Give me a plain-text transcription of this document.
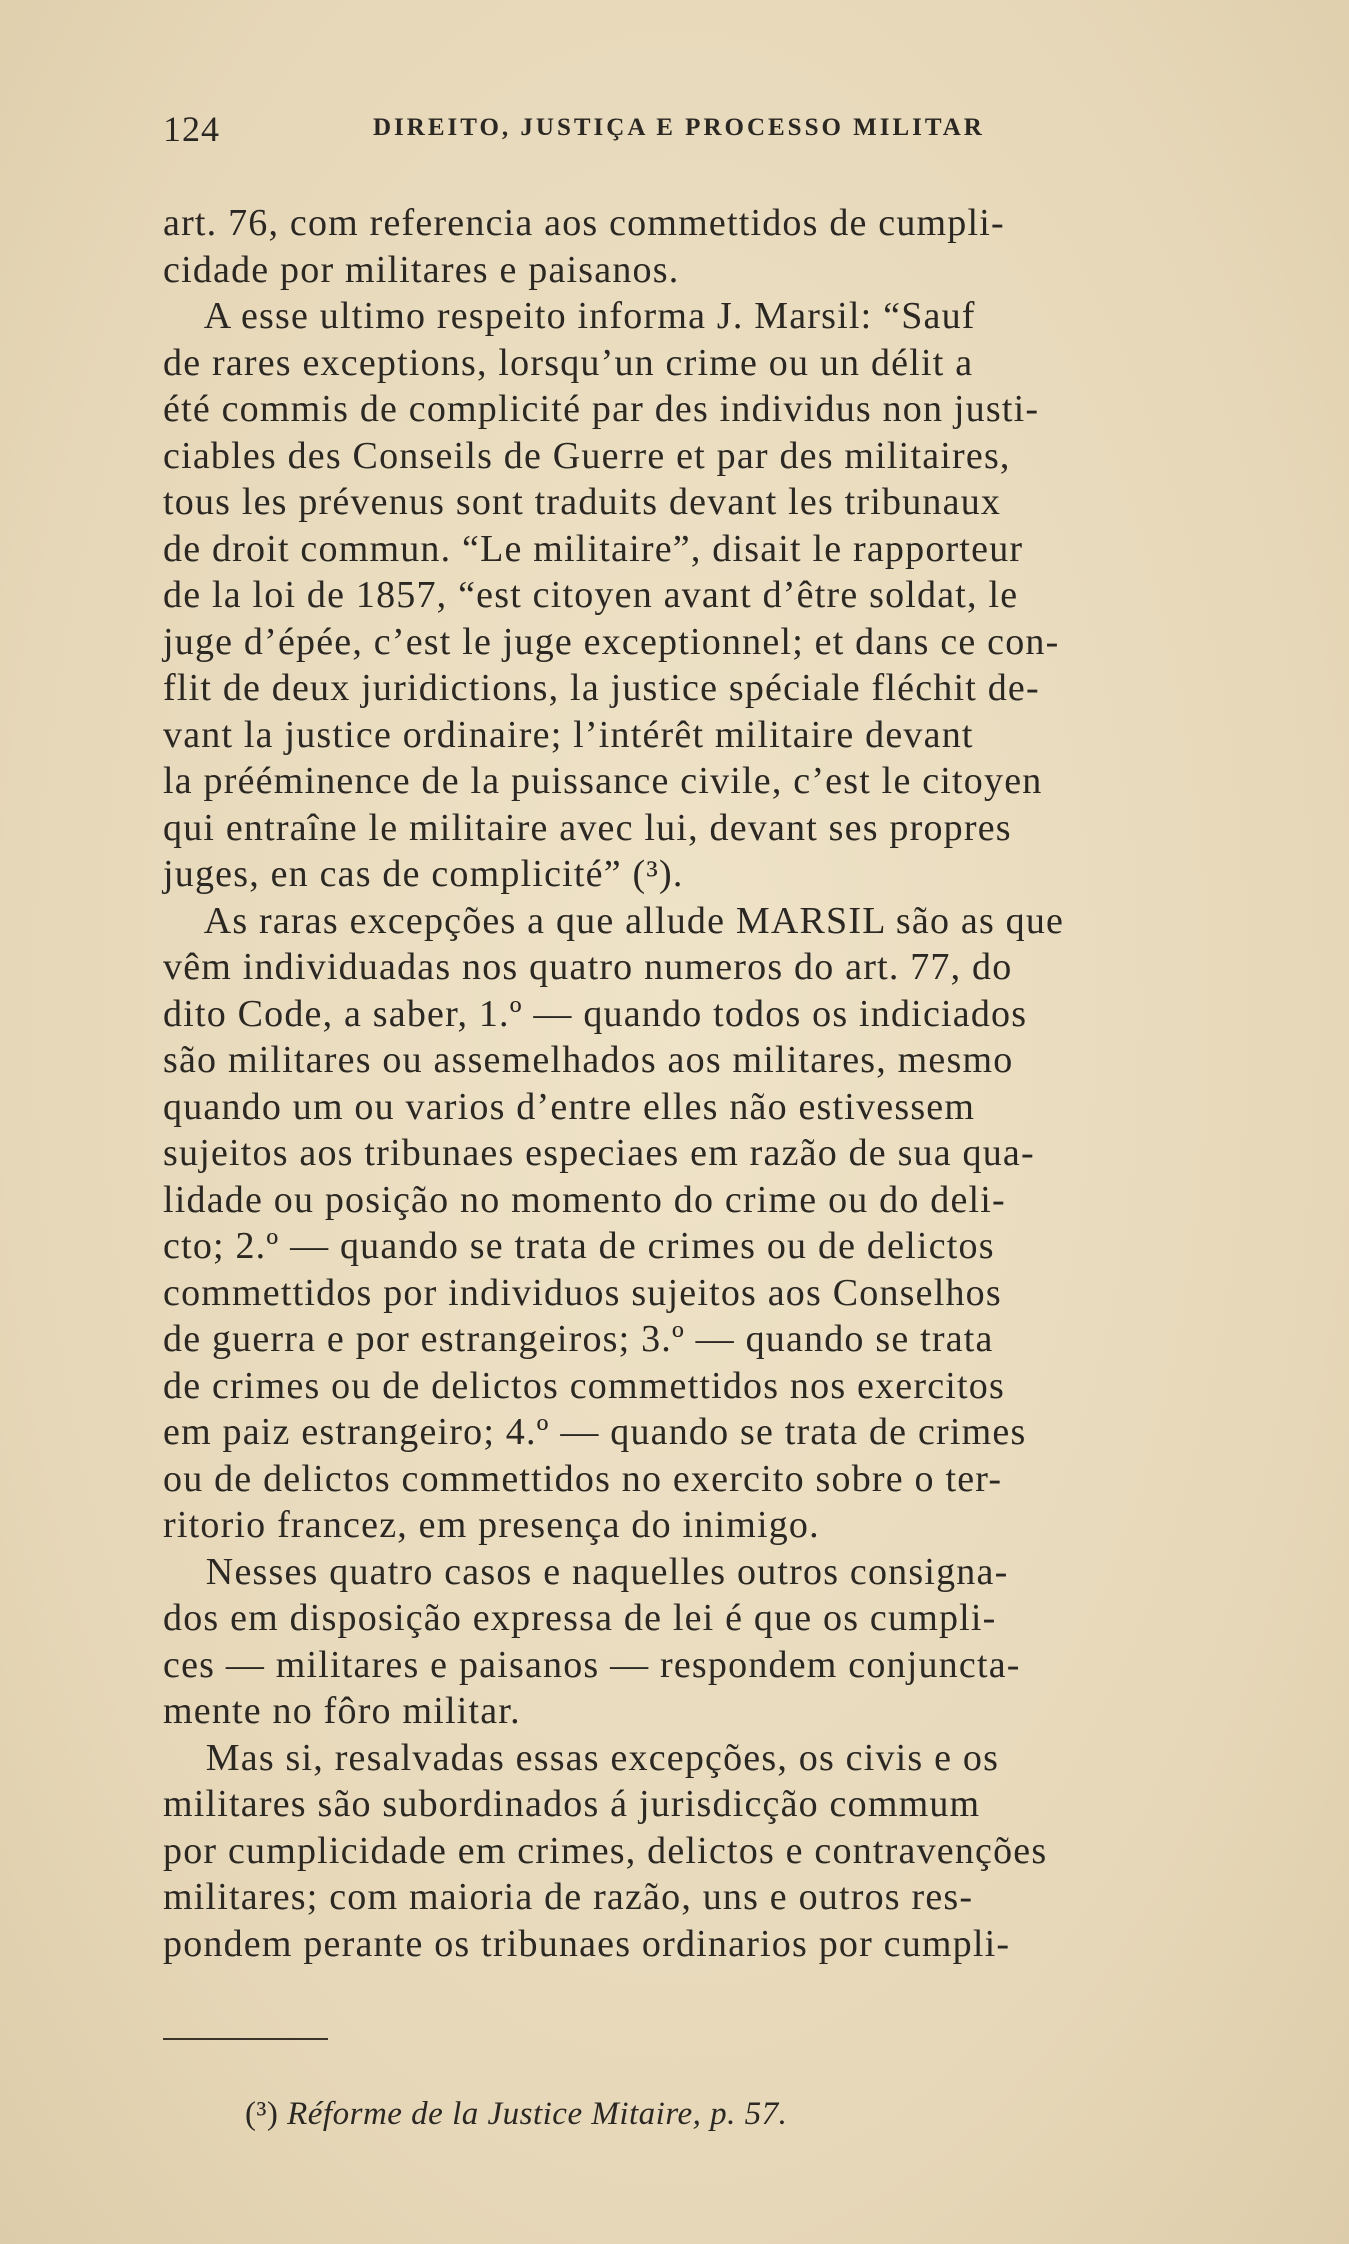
124	DIREITO, JUSTIÇA E PROCESSO MILITAR
art. 76, com referencia aos commettidos de cumpli-
cidade por militares e paisanos.
A esse ultimo respeito informa J. Marsil: “Sauf
de rares exceptions, lorsqu’un crime ou un délit a
été commis de complicité par des individus non justi-
ciables des Conseils de Guerre et par des militaires,
tous les prévenus sont traduits devant les tribunaux
de droit commun. “Le militaire”, disait le rapporteur
de la loi de 1857, “est citoyen avant d’être soldat, le
juge d’épée, c’est le juge exceptionnel; et dans ce con-
flit de deux juridictions, la justice spéciale fléchit de-
vant la justice ordinaire; l’intérêt militaire devant
la prééminence de la puissance civile, c’est le citoyen
qui entraîne le militaire avec lui, devant ses propres
juges, en cas de complicité” (³).
As raras excepções a que allude MARSIL são as que
vêm individuadas nos quatro numeros do art. 77, do
dito Code, a saber, 1.º — quando todos os indiciados
são militares ou assemelhados aos militares, mesmo
quando um ou varios d’entre elles não estivessem
sujeitos aos tribunaes especiaes em razão de sua qua-
lidade ou posição no momento do crime ou do deli-
cto; 2.º — quando se trata de crimes ou de delictos
commettidos por individuos sujeitos aos Conselhos
de guerra e por estrangeiros; 3.º — quando se trata
de crimes ou de delictos commettidos nos exercitos
em paiz estrangeiro; 4.º — quando se trata de crimes
ou de delictos commettidos no exercito sobre o ter-
ritorio francez, em presença do inimigo.
Nesses quatro casos e naquelles outros consigna-
dos em disposição expressa de lei é que os cumpli-
ces — militares e paisanos — respondem conjuncta-
mente no fôro militar.
Mas si, resalvadas essas excepções, os civis e os
militares são subordinados á jurisdicção commum
por cumplicidade em crimes, delictos e contravenções
militares; com maioria de razão, uns e outros res-
pondem perante os tribunaes ordinarios por cumpli-
(³) Réforme de la Justice Mitaire, p. 57.
